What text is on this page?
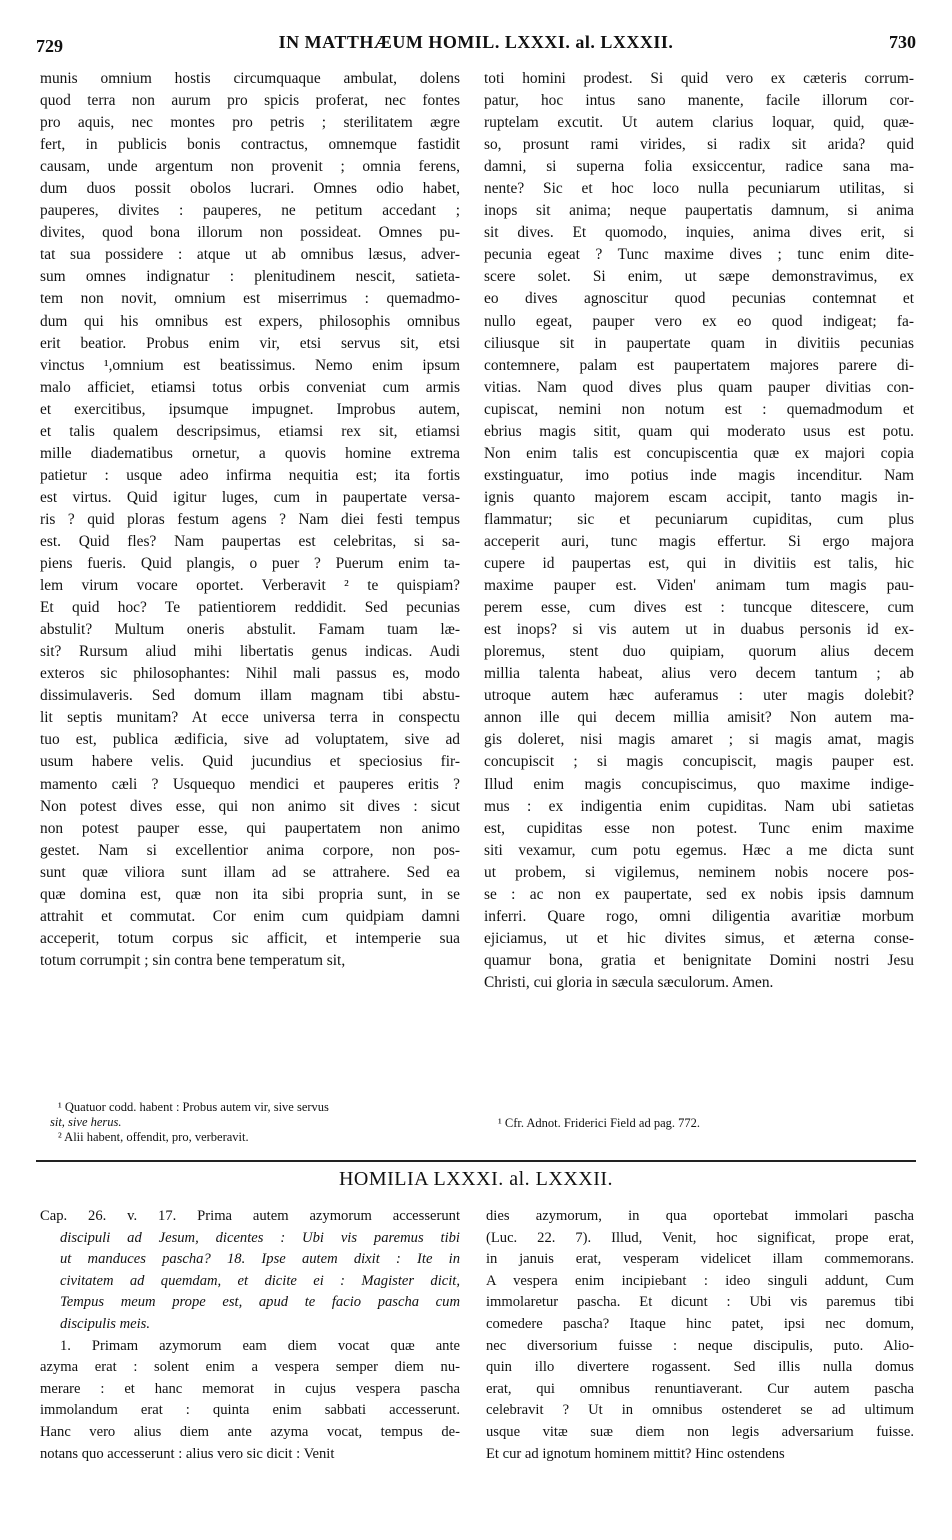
729	IN MATTHÆUM HOMIL. LXXXI. al. LXXXII.	730
munis omnium hostis circumquaque ambulat, dolens
quod terra non aurum pro spicis proferat, nec fontes
pro aquis, nec montes pro petris ; sterilitatem ægre
fert, in publicis bonis contractus, omnemque fastidit
causam, unde argentum non provenit ; omnia ferens,
dum duos possit obolos lucrari. Omnes odio habet,
pauperes, divites : pauperes, ne petitum accedant ;
divites, quod bona illorum non possideat. Omnes pu-
tat sua possidere : atque ut ab omnibus læsus, adver-
sum omnes indignatur : plenitudinem nescit, satieta-
tem non novit, omnium est miserrimus : quemadmo-
dum qui his omnibus est expers, philosophis omnibus
erit beatior. Probus enim vir, etsi servus sit, etsi
vinctus ¹,omnium est beatissimus. Nemo enim ipsum
malo afficiet, etiamsi totus orbis conveniat cum armis
et exercitibus, ipsumque impugnet. Improbus autem,
et talis qualem descripsimus, etiamsi rex sit, etiamsi
mille diadematibus ornetur, a quovis homine extrema
patietur : usque adeo infirma nequitia est; ita fortis
est virtus. Quid igitur luges, cum in paupertate versa-
ris ? quid ploras festum agens ? Nam diei festi tempus
est. Quid fles? Nam paupertas est celebritas, si sa-
piens fueris. Quid plangis, o puer ? Puerum enim ta-
lem virum vocare oportet. Verberavit ² te quispiam?
Et quid hoc? Te patientiorem reddidit. Sed pecunias
abstulit? Multum oneris abstulit. Famam tuam læ-
sit? Rursum aliud mihi libertatis genus indicas. Audi
exteros sic philosophantes: Nihil mali passus es, modo
dissimulaveris. Sed domum illam magnam tibi abstu-
lit septis munitam? At ecce universa terra in conspectu
tuo est, publica ædificia, sive ad voluptatem, sive ad
usum habere velis. Quid jucundius et speciosius fir-
mamento cæli ? Usquequo mendici et pauperes eritis ?
Non potest dives esse, qui non animo sit dives : sicut
non potest pauper esse, qui paupertatem non animo
gestet. Nam si excellentior anima corpore, non pos-
sunt quæ viliora sunt illam ad se attrahere. Sed ea
quæ domina est, quæ non ita sibi propria sunt, in se
attrahit et commutat. Cor enim cum quidpiam damni
acceperit, totum corpus sic afficit, et intemperie sua
totum corrumpit ; sin contra bene temperatum sit,
toti homini prodest. Si quid vero ex cæteris corrum-
patur, hoc intus sano manente, facile illorum cor-
ruptelam excutit. Ut autem clarius loquar, quid, quæ-
so, prosunt rami virides, si radix sit arida? quid
damni, si superna folia exsiccentur, radice sana ma-
nente? Sic et hoc loco nulla pecuniarum utilitas, si
inops sit anima; neque paupertatis damnum, si anima
sit dives. Et quomodo, inquies, anima dives erit, si
pecunia egeat ? Tunc maxime dives ; tunc enim dite-
scere solet. Si enim, ut sæpe demonstravimus, ex
eo dives agnoscitur quod pecunias contemnat et
nullo egeat, pauper vero ex eo quod indigeat; fa-
ciliusque sit in paupertate quam in divitiis pecunias
contemnere, palam est paupertatem majores parere di-
vitias. Nam quod dives plus quam pauper divitias con-
cupiscat, nemini non notum est : quemadmodum et
ebrius magis sitit, quam qui moderato usus est potu.
Non enim talis est concupiscentia quæ ex majori copia
exstinguatur, imo potius inde magis incenditur. Nam
ignis quanto majorem escam accipit, tanto magis in-
flammatur; sic et pecuniarum cupiditas, cum plus
acceperit auri, tunc magis effertur. Si ergo majora
cupere id paupertas est, qui in divitiis est talis, hic
maxime pauper est. Viden' animam tum magis pau-
perem esse, cum dives est : tuncque ditescere, cum
est inops? si vis autem ut in duabus personis id ex-
ploremus, stent duo quipiam, quorum alius decem
millia talenta habeat, alius vero decem tantum ; ab
utroque autem hæc auferamus : uter magis dolebit?
annon ille qui decem millia amisit? Non autem ma-
gis doleret, nisi magis amaret ; si magis amat, magis
concupiscit ; si magis concupiscit, magis pauper est.
Illud enim magis concupiscimus, quo maxime indige-
mus : ex indigentia enim cupiditas. Nam ubi satietas
est, cupiditas esse non potest. Tunc enim maxime
siti vexamur, cum potu egemus. Hæc a me dicta sunt
ut probem, si vigilemus, neminem nobis nocere pos-
se : ac non ex paupertate, sed ex nobis ipsis damnum
inferri. Quare rogo, omni diligentia avaritiæ morbum
ejiciamus, ut et hic divites simus, et æterna conse-
quamur bona, gratia et benignitate Domini nostri Jesu
Christi, cui gloria in sæcula sæculorum. Amen.
¹ Quatuor codd. habent : Probus autem vir, sive servus
sit, sive herus.
² Alii habent, offendit, pro, verberavit.
¹ Cfr. Adnot. Friderici Field ad pag. 772.
HOMILIA LXXXI. al. LXXXII.
Cap. 26. v. 17. Prima autem azymorum accesserunt
discipuli ad Jesum, dicentes : Ubi vis paremus tibi
ut manduces pascha? 18. Ipse autem dixit : Ite in
civitatem ad quemdam, et dicite ei : Magister dicit,
Tempus meum prope est, apud te facio pascha cum
discipulis meis.
1. Primam azymorum eam diem vocat quæ ante
azyma erat : solent enim a vespera semper diem nu-
merare : et hanc memorat in cujus vespera pascha
immolandum erat : quinta enim sabbati accesserunt.
Hanc vero alius diem ante azyma vocat, tempus de-
notans quo accesserunt : alius vero sic dicit : Venit
dies azymorum, in qua oportebat immolari pascha
(Luc. 22. 7). Illud, Venit, hoc significat, prope erat,
in januis erat, vesperam videlicet illam commemorans.
A vespera enim incipiebant : ideo singuli addunt, Cum
immolaretur pascha. Et dicunt : Ubi vis paremus tibi
comedere pascha? Itaque hinc patet, ipsi nec domum,
nec diversorium fuisse : neque discipulis, puto. Alio-
quin illo divertere rogassent. Sed illis nulla domus
erat, qui omnibus renuntiaverant. Cur autem pascha
celebravit ? Ut in omnibus ostenderet se ad ultimum
usque vitæ suæ diem non legis adversarium fuisse.
Et cur ad ignotum hominem mittit? Hinc ostendens
